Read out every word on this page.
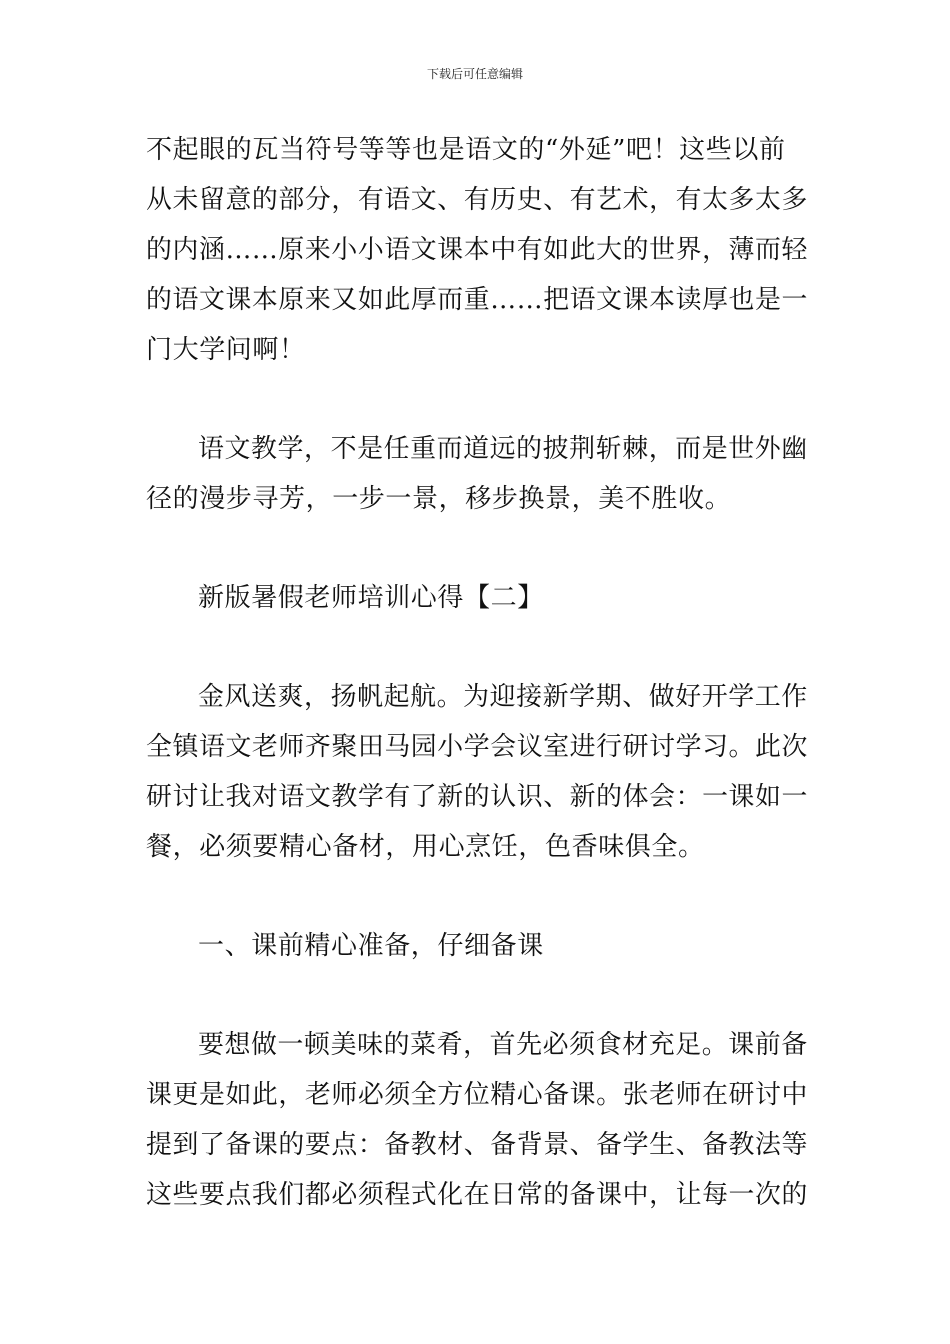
下载后可任意编辑
不起眼的瓦当符号等等也是语文的“外延”吧！这些以前
从未留意的部分，有语文、有历史、有艺术，有太多太多
的内涵……原来小小语文课本中有如此大的世界，薄而轻
的语文课本原来又如此厚而重……把语文课本读厚也是一
门大学问啊！
语文教学，不是任重而道远的披荆斩棘，而是世外幽
径的漫步寻芳，一步一景，移步换景，美不胜收。
新版暑假老师培训心得【二】
金风送爽，扬帆起航。为迎接新学期、做好开学工作
全镇语文老师齐聚田马园小学会议室进行研讨学习。此次
研讨让我对语文教学有了新的认识、新的体会：一课如一
餐，必须要精心备材，用心烹饪，色香味俱全。
一、课前精心准备，仔细备课
要想做一顿美味的菜肴，首先必须食材充足。课前备
课更是如此，老师必须全方位精心备课。张老师在研讨中
提到了备课的要点：备教材、备背景、备学生、备教法等
这些要点我们都必须程式化在日常的备课中，让每一次的
